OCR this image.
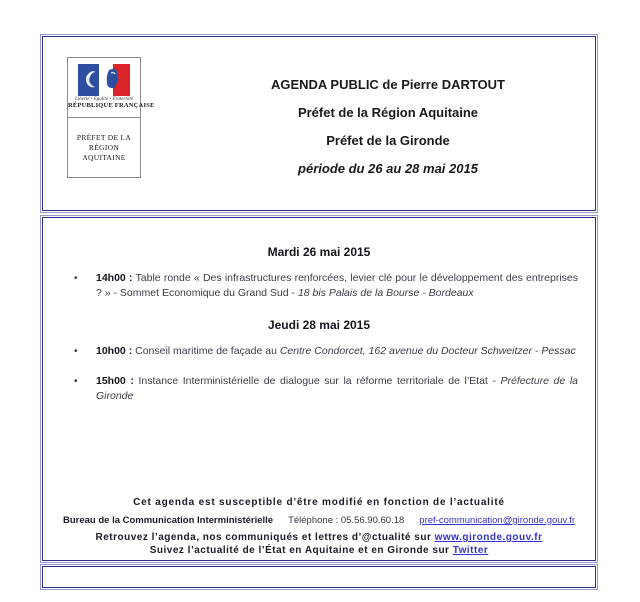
Liberté • Égalité • Fraternité
RÉPUBLIQUE FRANÇAISE
PRÉFET DE LA RÉGION
AQUITAINE
AGENDA PUBLIC de Pierre DARTOUT
Préfet de la Région Aquitaine
Préfet de la Gironde
période du 26 au 28 mai 2015
Mardi 26 mai 2015
• 14h00 : Table ronde « Des infrastructures renforcées, levier clé pour le développement des entreprises ? » - Sommet Economique du Grand Sud - 18 bis Palais de la Bourse - Bordeaux
Jeudi 28 mai 2015
• 10h00 : Conseil maritime de façade au Centre Condorcet, 162 avenue du Docteur Schweitzer - Pessac
• 15h00 : Instance Interministérielle de dialogue sur la réforme territoriale de l’Etat - Préfecture de la Gironde
Cet agenda est susceptible d’être modifié en fonction de l’actualité
Bureau de la Communication Interministérielle Téléphone : 05.56.90.60.18 pref-communication@gironde.gouv.fr
Retrouvez l’agenda, nos communiqués et lettres d’@ctualité sur www.gironde.gouv.fr
Suivez l’actualité de l’État en Aquitaine et en Gironde sur Twitter
